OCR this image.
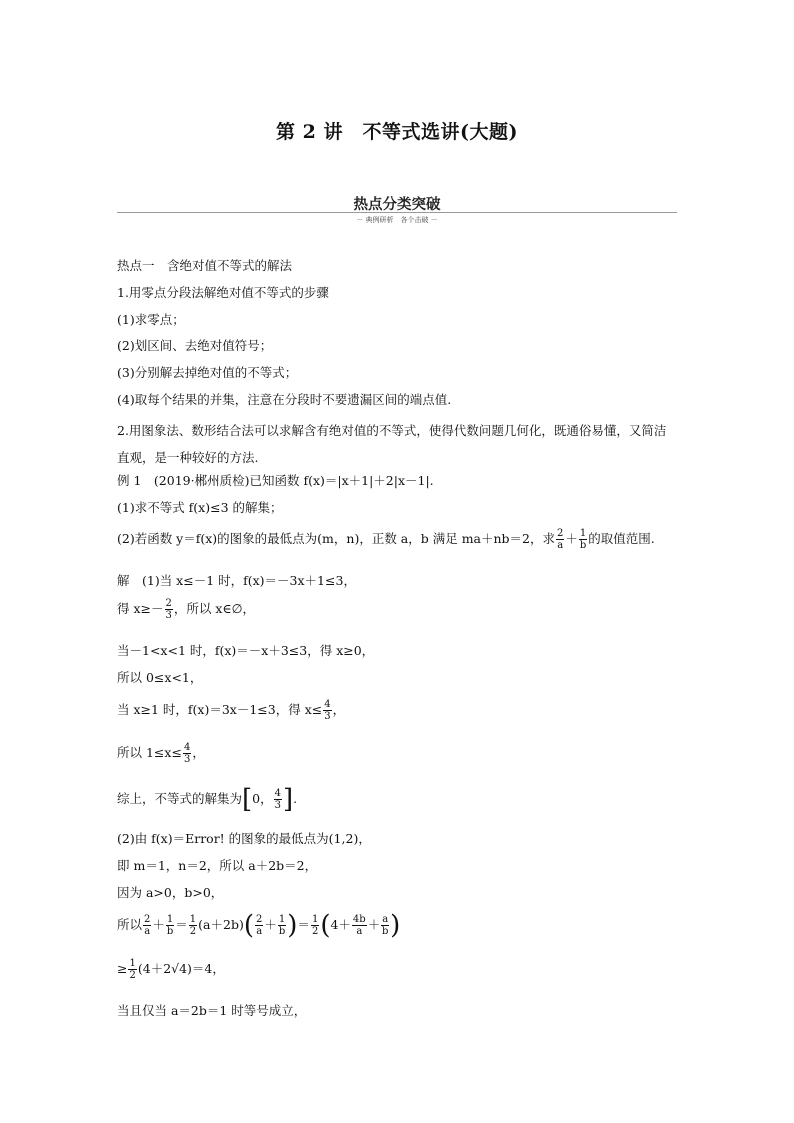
第 2 讲　不等式选讲(大题)
热点分类突破
－ 典例研析　各个击破 －
热点一　含绝对值不等式的解法
1.用零点分段法解绝对值不等式的步骤
(1)求零点；
(2)划区间、去绝对值符号；
(3)分别解去掉绝对值的不等式；
(4)取每个结果的并集，注意在分段时不要遗漏区间的端点值.
2.用图象法、数形结合法可以求解含有绝对值的不等式，使得代数问题几何化，既通俗易懂，又简洁直观，是一种较好的方法.
例 1　(2019·郴州质检)已知函数 f(x)＝|x＋1|＋2|x－1|.
(1)求不等式 f(x)≤3 的解集；
(2)若函数 y＝f(x)的图象的最低点为(m，n)，正数 a，b 满足 ma＋nb＝2，求 $\frac{2}{a} + \frac{1}{b}$ 的取值范围.
解　(1)当 x≤－1 时，f(x)＝－3x＋1≤3，
得 $x\ge- \frac{2}{3}$ ，所以 x∈∅，
当－1<x<1 时，f(x)＝－x＋3≤3，得 x≥0，
所以 0≤x<1，
当 x≥1 时，f(x)＝3x－1≤3，得 $x\le \frac{4}{3}$ ，
所以 $1\le x\le \frac{4}{3}$ ，
综上，不等式的解集为[0， $\frac{4}{3}$ ].
(2)由 f(x)＝Error! 的图象的最低点为(1,2)，
即 m＝1，n＝2，所以 a＋2b＝2，
因为 a>0，b>0，
所以 $\frac{2}{a} + \frac{1}{b} = \frac{1}{2} (a+2b)( \frac{2}{a} + \frac{1}{b}$ )＝ $\frac{1}{2} (4+ \frac{4b}{a} + \frac{a}{b}$ )
≥ $\frac{1}{2} (4+2√4)=4$，
当且仅当 a＝2b＝1 时等号成立，
